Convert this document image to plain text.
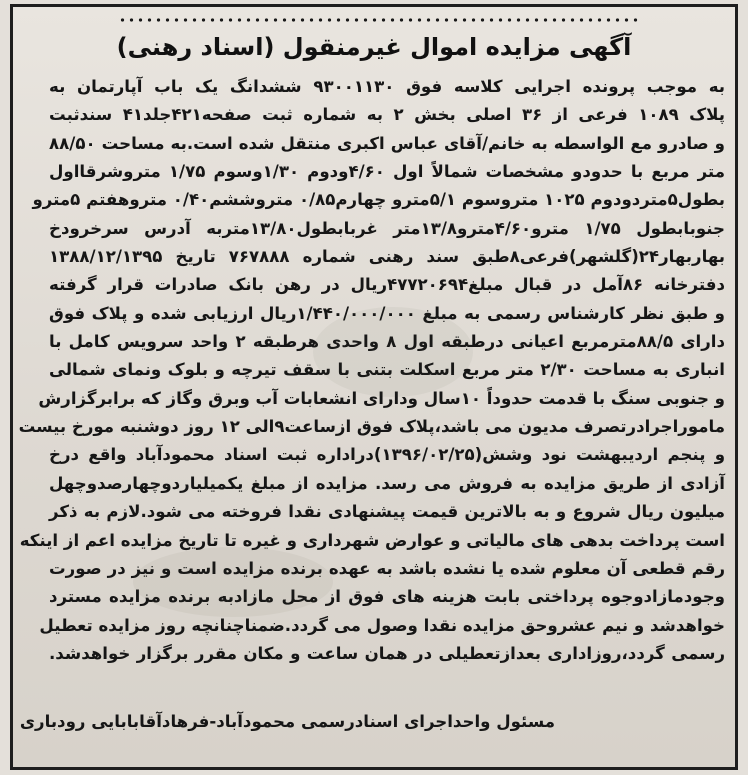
آگهی مزایده اموال غیرمنقول (اسناد رهنی)
به موجب پرونده اجرایی کلاسه فوق ۹۳۰۰۱۱۳۰ ششدانگ یک باب آپارتمان به
پلاک ۱۰۸۹ فرعی از ۳۶ اصلی بخش ۲ به شماره ثبت صفحه۴۲۱جلد۴۱ سندثبت
و صادرو مع الواسطه به خانم/آقای عباس اکبری منتقل شده است.به مساحت ۸۸/۵۰
متر مربع با حدودو مشخصات شمالاً اول ۴/۶۰ودوم ۱/۳۰وسوم ۱/۷۵ متروشرقااول
بطول۵متردودوم ۱۰۲۵ متروسوم ۵/۱مترو چهارم۰/۸۵ متروششم۰/۴۰ متروهفتم ۵مترو
جنوبابطول ۱/۷۵ مترو۴/۶۰مترو۱۳/۸متر غربابطول۱۳/۸۰متربه آدرس سرخرودخ
بهاربهار۲۴(گلشهر)فرعی۸طبق سند رهنی شماره ۷۶۷۸۸۸ تاریخ ۱۳۸۸/۱۲/۱۳۹۵
دفترخانه ۸۶آمل در قبال مبلغ۴۷۷۲۰۶۹۴ریال در رهن بانک صادرات قرار گرفته
و طبق نظر کارشناس رسمی به مبلغ ۱/۴۴۰/۰۰۰/۰۰۰ریال ارزیابی شده و پلاک فوق
دارای ۸۸/۵مترمربع اعیانی درطبقه اول ۸ واحدی هرطبقه ۲ واحد سرویس کامل با
انباری به مساحت ۲/۳۰ متر مربع اسکلت بتنی با سقف تیرچه و بلوک ونمای شمالی
و جنوبی سنگ با قدمت حدوداً ۱۰سال ودارای انشعابات آب وبرق وگاز که برابرگزارش
ماموراجرادرتصرف مدیون می باشد،پلاک فوق ازساعت۹الی ۱۲ روز دوشنبه مورخ بیست
و پنجم اردیبهشت نود وشش(۱۳۹۶/۰۲/۲۵)دراداره ثبت اسناد محمودآباد واقع درخ
آزادی از طریق مزایده به فروش می رسد. مزایده از مبلغ یکمیلیاردوچهارصدوچهل
میلیون ریال شروع و به بالاترین قیمت پیشنهادی نقدا فروخته می شود.لازم به ذکر
است پرداخت بدهی های مالیاتی و عوارض شهرداری و غیره تا تاریخ مزایده اعم از اینکه
رقم قطعی آن معلوم شده یا نشده باشد به عهده برنده مزایده است و نیز در صورت
وجودمازادوجوه پرداختی بابت هزینه های فوق از محل مازادبه برنده مزایده مسترد
خواهدشد و نیم عشروحق مزایده نقدا وصول می گردد.ضمناچنانچه روز مزایده تعطیل
رسمی گردد،روزاداری بعدازتعطیلی در همان ساعت و مکان مقرر برگزار خواهدشد.
مسئول واحداجرای اسنادرسمی محمودآباد-فرهادآقابابایی رودباری
